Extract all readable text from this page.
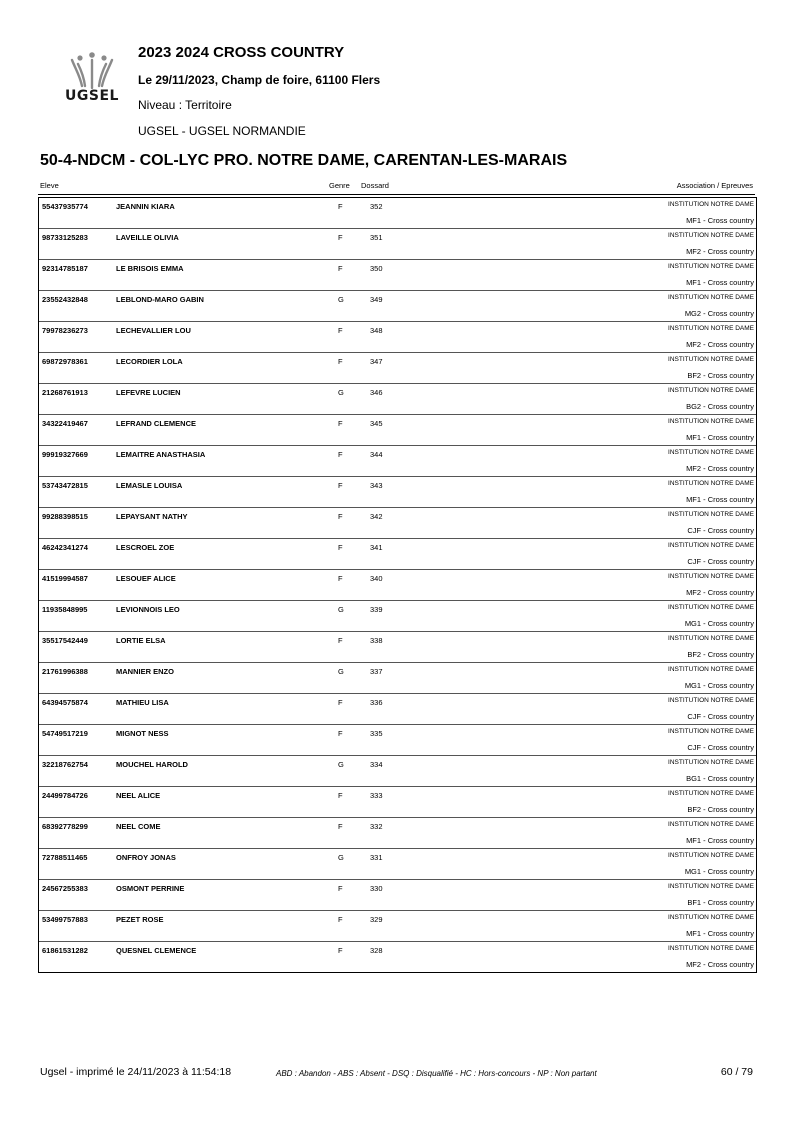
UGSEL
2023 2024 CROSS COUNTRY
Le 29/11/2023, Champ de foire, 61100 Flers
Niveau : Territoire
UGSEL - UGSEL NORMANDIE
50-4-NDCM - COL-LYC PRO. NOTRE DAME, CARENTAN-LES-MARAIS
Eleve	Genre Dossard	Association / Epreuves
55437935774	JEANNIN KIARA	F	352	INSTITUTION NOTRE DAME
MF1 - Cross country
98733125283	LAVEILLE OLIVIA	F	351	INSTITUTION NOTRE DAME
MF2 - Cross country
92314785187	LE BRISOIS EMMA	F	350	INSTITUTION NOTRE DAME
MF1 - Cross country
23552432848	LEBLOND-MARO GABIN	G	349	INSTITUTION NOTRE DAME
MG2 - Cross country
79978236273	LECHEVALLIER LOU	F	348	INSTITUTION NOTRE DAME
MF2 - Cross country
69872978361	LECORDIER LOLA	F	347	INSTITUTION NOTRE DAME
BF2 - Cross country
21268761913	LEFEVRE LUCIEN	G	346	INSTITUTION NOTRE DAME
BG2 - Cross country
34322419467	LEFRAND CLEMENCE	F	345	INSTITUTION NOTRE DAME
MF1 - Cross country
99919327669	LEMAITRE ANASTHASIA	F	344	INSTITUTION NOTRE DAME
MF2 - Cross country
53743472815	LEMASLE LOUISA	F	343	INSTITUTION NOTRE DAME
MF1 - Cross country
99288398515	LEPAYSANT NATHY	F	342	INSTITUTION NOTRE DAME
CJF - Cross country
46242341274	LESCROEL ZOE	F	341	INSTITUTION NOTRE DAME
CJF - Cross country
41519994587	LESOUEF ALICE	F	340	INSTITUTION NOTRE DAME
MF2 - Cross country
11935848995	LEVIONNOIS LEO	G	339	INSTITUTION NOTRE DAME
MG1 - Cross country
35517542449	LORTIE ELSA	F	338	INSTITUTION NOTRE DAME
BF2 - Cross country
21761996388	MANNIER ENZO	G	337	INSTITUTION NOTRE DAME
MG1 - Cross country
64394575874	MATHIEU LISA	F	336	INSTITUTION NOTRE DAME
CJF - Cross country
54749517219	MIGNOT NESS	F	335	INSTITUTION NOTRE DAME
CJF - Cross country
32218762754	MOUCHEL HAROLD	G	334	INSTITUTION NOTRE DAME
BG1 - Cross country
24499784726	NEEL ALICE	F	333	INSTITUTION NOTRE DAME
BF2 - Cross country
68392778299	NEEL COME	F	332	INSTITUTION NOTRE DAME
MF1 - Cross country
72788511465	ONFROY JONAS	G	331	INSTITUTION NOTRE DAME
MG1 - Cross country
24567255383	OSMONT PERRINE	F	330	INSTITUTION NOTRE DAME
BF1 - Cross country
53499757883	PEZET ROSE	F	329	INSTITUTION NOTRE DAME
MF1 - Cross country
61861531282	QUESNEL CLEMENCE	F	328	INSTITUTION NOTRE DAME
MF2 - Cross country
Ugsel - imprimé le 24/11/2023 à 11:54:18	ABD : Abandon - ABS : Absent - DSQ : Disqualifié - HC : Hors-concours - NP : Non partant	60 / 79
